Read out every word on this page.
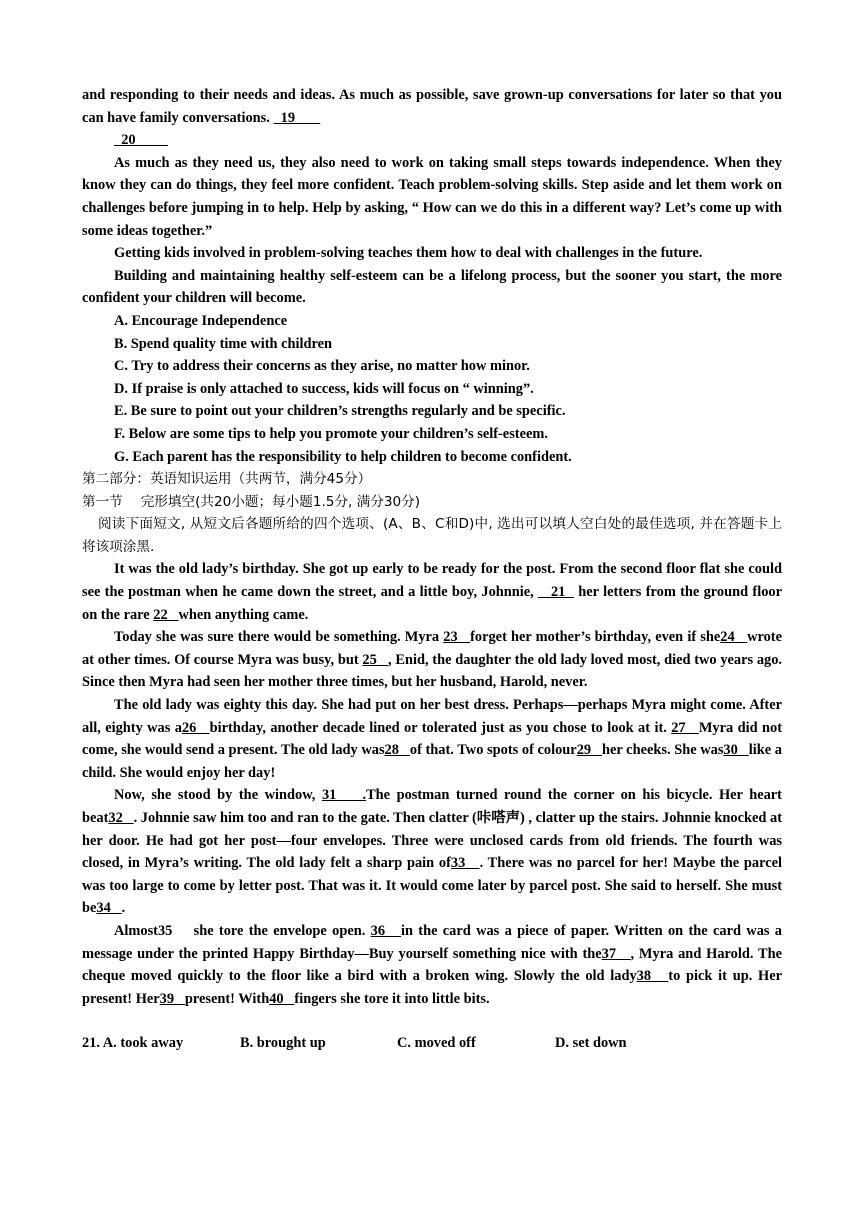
and responding to their needs and ideas. As much as possible, save grown-up conversations for later so that you can have family conversations.   19

20

As much as they need us, they also need to work on taking small steps towards independence. When they know they can do things, they feel more confident. Teach problem-solving skills. Step aside and let them work on challenges before jumping in to help. Help by asking, “ How can we do this in a different way? Let’s come up with some ideas together.”

Getting kids involved in problem-solving teaches them how to deal with challenges in the future.

Building and maintaining healthy self-esteem can be a lifelong process, but the sooner you start, the more confident your children will become.

A. Encourage Independence

B. Spend quality time with children

C. Try to address their concerns as they arise, no matter how minor.

D. If praise is only attached to success, kids will focus on “ winning”.

E. Be sure to point out your children’s strengths regularly and be specific.

F. Below are some tips to help you promote your children’s self-esteem.

G. Each parent has the responsibility to help children to become confident.

第二部分：英语知识运用（共两节，满分45分）

第一节　 完形填空(共20小题；每小题1.5分, 满分30分)

阅读下面短文, 从短文后各题所给的四个选项、(A、B、C和D)中, 选出可以填人空白处的最佳选项, 并在答题卡上将该项涂黑.

It was the old lady’s birthday. She got up early to be ready for the post. From the second floor flat she could see the postman when he came down the street, and a little boy, Johnnie,    21   her letters from the ground floor on the rare 22   when anything came.

Today she was sure there would be something. Myra 23   forget her mother’s birthday, even if she24   wrote at other times. Of course Myra was busy, but 25   , Enid, the daughter the old lady loved most, died two years ago. Since then Myra had seen her mother three times, but her husband, Harold, never.

The old lady was eighty this day. She had put on her best dress. Perhaps—perhaps Myra might come. After all, eighty was a26   birthday, another decade lined or tolerated just as you chose to look at it. 27   Myra did not come, she would send a present. The old lady was28   of that. Two spots of colour29   her cheeks. She was30   like a child. She would enjoy her day!

Now, she stood by the window, 31    .The postman turned round the corner on his bicycle. Her heart beat32   . Johnnie saw him too and ran to the gate. Then clatter (咔嗒声) , clatter up the stairs. Johnnie knocked at her door. He had got her post—four envelopes. Three were unclosed cards from old friends. The fourth was closed, in Myra’s writing. The old lady felt a sharp pain of33   . There was no parcel for her! Maybe the parcel was too large to come by letter post. That was it. It would come later by parcel post. She said to herself. She must be34   .

Almost35    she tore the envelope open. 36   in the card was a piece of paper. Written on the card was a message under the printed Happy Birthday—Buy yourself something nice with the37   , Myra and Harold. The cheque moved quickly to the floor like a bird with a broken wing. Slowly the old lady38   to pick it up. Her present! Her39   present! With40   fingers she tore it into little bits.

21. A. took away	B. brought up	C. moved off	D. set down
